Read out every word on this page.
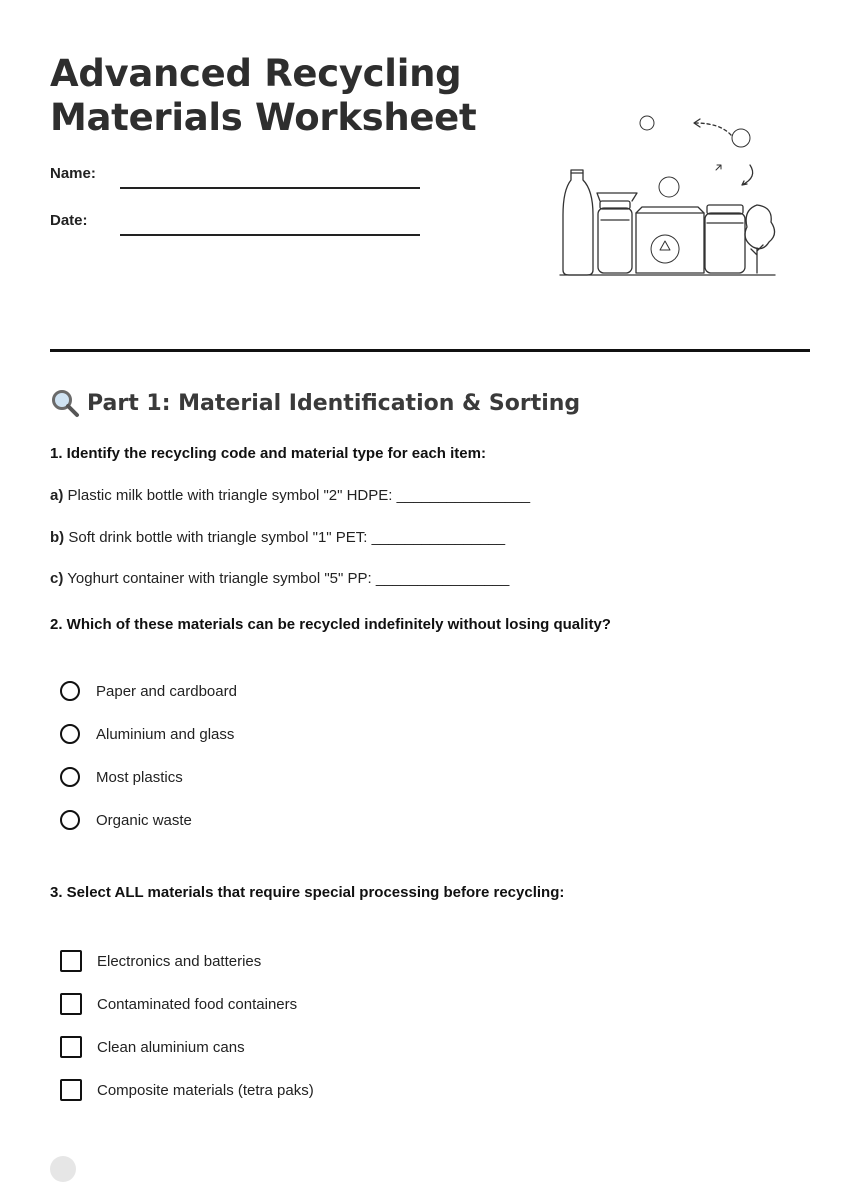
Advanced Recycling
Materials Worksheet
Name:
Date:
Part 1: Material Identification & Sorting
1. Identify the recycling code and material type for each item:
a) Plastic milk bottle with triangle symbol "2" HDPE: ________________
b) Soft drink bottle with triangle symbol "1" PET: ________________
c) Yoghurt container with triangle symbol "5" PP: ________________
2. Which of these materials can be recycled indefinitely without losing quality?
Paper and cardboard
Aluminium and glass
Most plastics
Organic waste
3. Select ALL materials that require special processing before recycling:
Electronics and batteries
Contaminated food containers
Clean aluminium cans
Composite materials (tetra paks)
